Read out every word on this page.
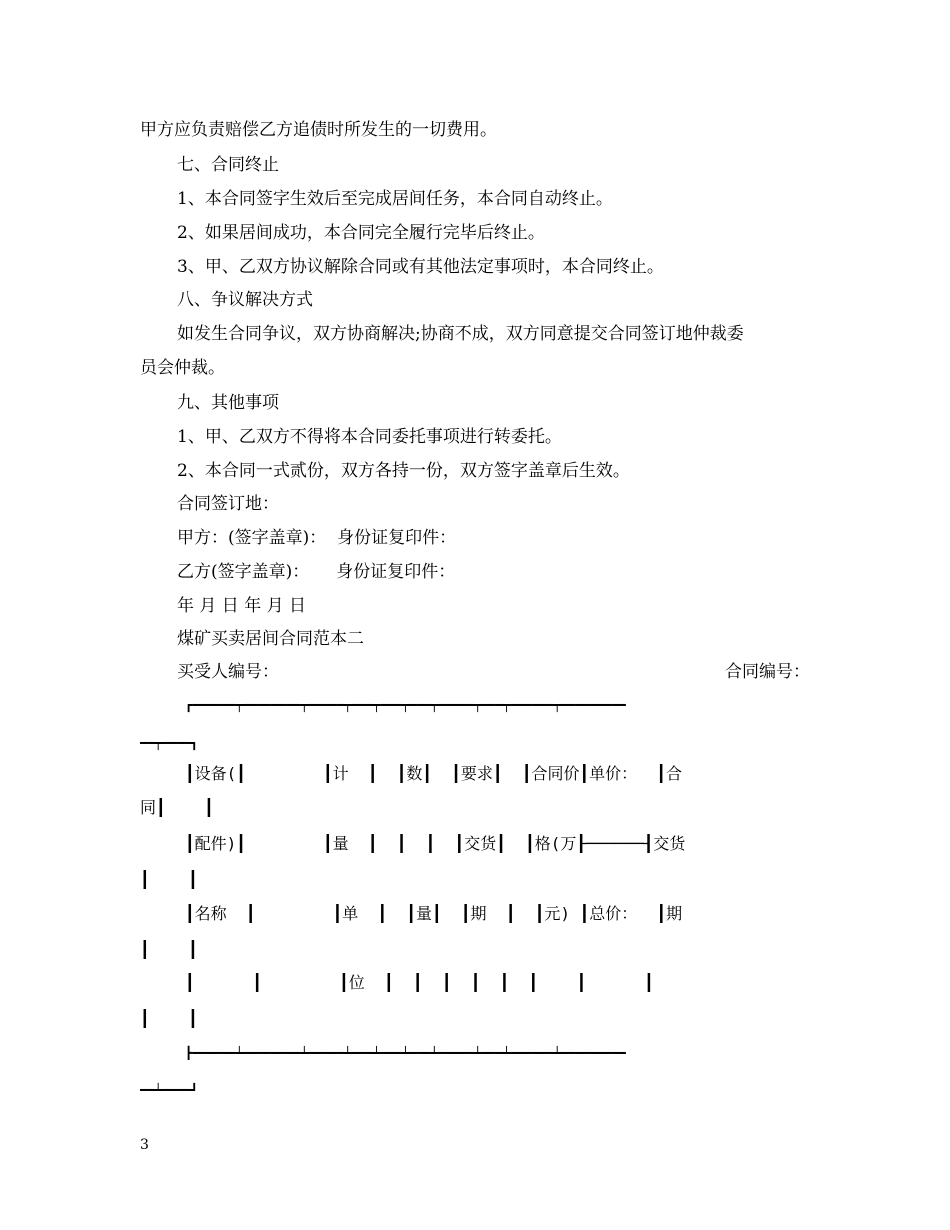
甲方应负责赔偿乙方追债时所发生的一切费用。
七、合同终止
1、本合同签字生效后至完成居间任务，本合同自动终止。
2、如果居间成功，本合同完全履行完毕后终止。
3、甲、乙双方协议解除合同或有其他法定事项时，本合同终止。
八、争议解决方式
如发生合同争议，双方协商解决;协商不成，双方同意提交合同签订地仲裁委
员会仲裁。
九、其他事项
1、甲、乙双方不得将本合同委托事项进行转委托。
2、本合同一式贰份，双方各持一份，双方签字盖章后生效。
合同签订地：
甲方：(签字盖章)：  身份证复印件：
乙方(签字盖章)：     身份证复印件：
年 月 日 年 月 日
煤矿买卖居间合同范本二
买受人编号：	合同编号：
┏━━━━━━┯━━━━━━━━┯━━━━━┯━━━┯━━━┯━━━┯━━━━━┯━━━┯━━━━━━┯━━━━━━━━━
━━┯━━━━┓
┃设备(┃        ┃计  ┃  ┃数┃  ┃要求┃  ┃合同价┃单价：  ┃合
同┃    ┃
┃配件)┃        ┃量  ┃  ┃  ┃  ┃交货┃  ┃格(万┠──────┨交货
┃    ┃
┃名称  ┃        ┃单  ┃  ┃量┃  ┃期  ┃  ┃元) ┃总价：  ┃期
┃    ┃
┃      ┃        ┃位  ┃  ┃  ┃  ┃  ┃  ┃    ┃      ┃
┃    ┃
┣━━━━━━┷━━━━━━━━┷━━━━━┷━━━┷━━━┷━━━┷━━━━━┷━━━┷━━━━━━┷━━━━━━━━━
━━┷━━━━┛
3
